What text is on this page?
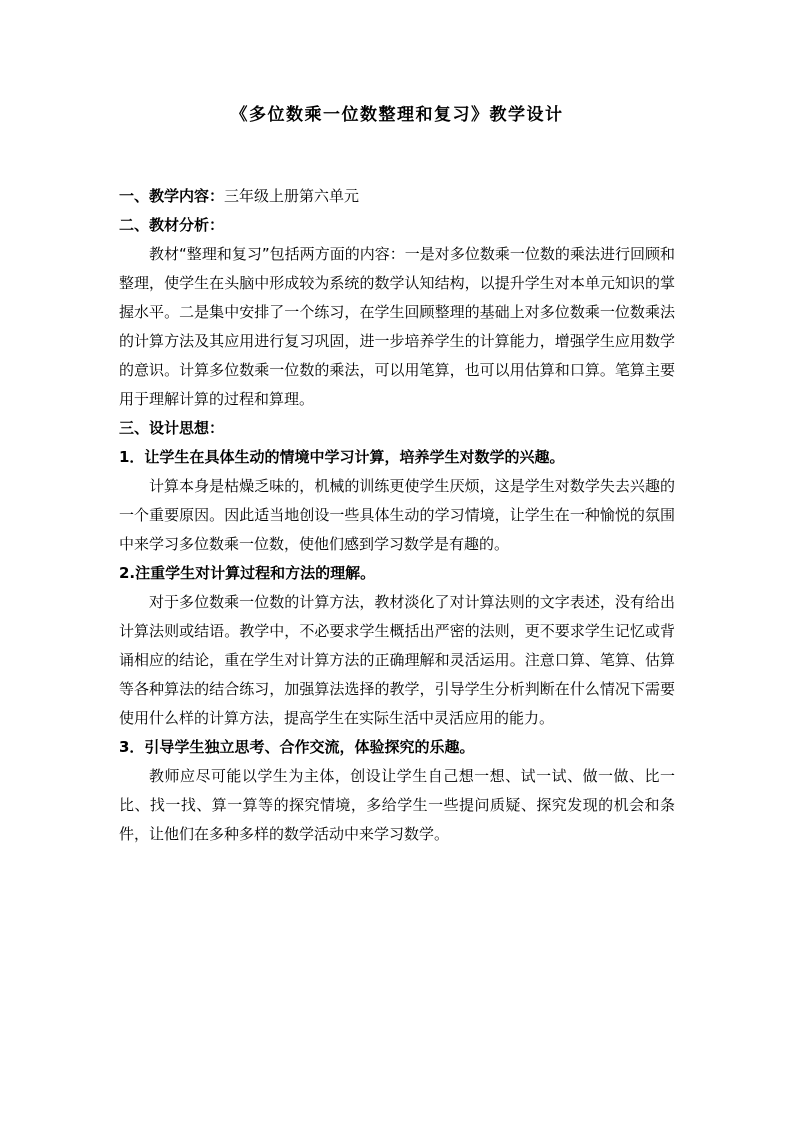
《多位数乘一位数整理和复习》教学设计
一、教学内容：三年级上册第六单元
二、教材分析：

教材“整理和复习”包括两方面的内容：一是对多位数乘一位数的乘法进行回顾和整理，使学生在头脑中形成较为系统的数学认知结构，以提升学生对本单元知识的掌握水平。二是集中安排了一个练习，在学生回顾整理的基础上对多位数乘一位数乘法的计算方法及其应用进行复习巩固，进一步培养学生的计算能力，增强学生应用数学的意识。计算多位数乘一位数的乘法，可以用笔算，也可以用估算和口算。笔算主要用于理解计算的过程和算理。

三、设计思想：
1．让学生在具体生动的情境中学习计算，培养学生对数学的兴趣。

计算本身是枯燥乏味的，机械的训练更使学生厌烦，这是学生对数学失去兴趣的一个重要原因。因此适当地创设一些具体生动的学习情境，让学生在一种愉悦的氛围中来学习多位数乘一位数，使他们感到学习数学是有趣的。

2.注重学生对计算过程和方法的理解。

对于多位数乘一位数的计算方法，教材淡化了对计算法则的文字表述，没有给出计算法则或结语。教学中，不必要求学生概括出严密的法则，更不要求学生记忆或背诵相应的结论，重在学生对计算方法的正确理解和灵活运用。注意口算、笔算、估算等各种算法的结合练习，加强算法选择的教学，引导学生分析判断在什么情况下需要使用什么样的计算方法，提高学生在实际生活中灵活应用的能力。

3．引导学生独立思考、合作交流，体验探究的乐趣。

教师应尽可能以学生为主体，创设让学生自己想一想、试一试、做一做、比一比、找一找、算一算等的探究情境，多给学生一些提问质疑、探究发现的机会和条件，让他们在多种多样的数学活动中来学习数学。
